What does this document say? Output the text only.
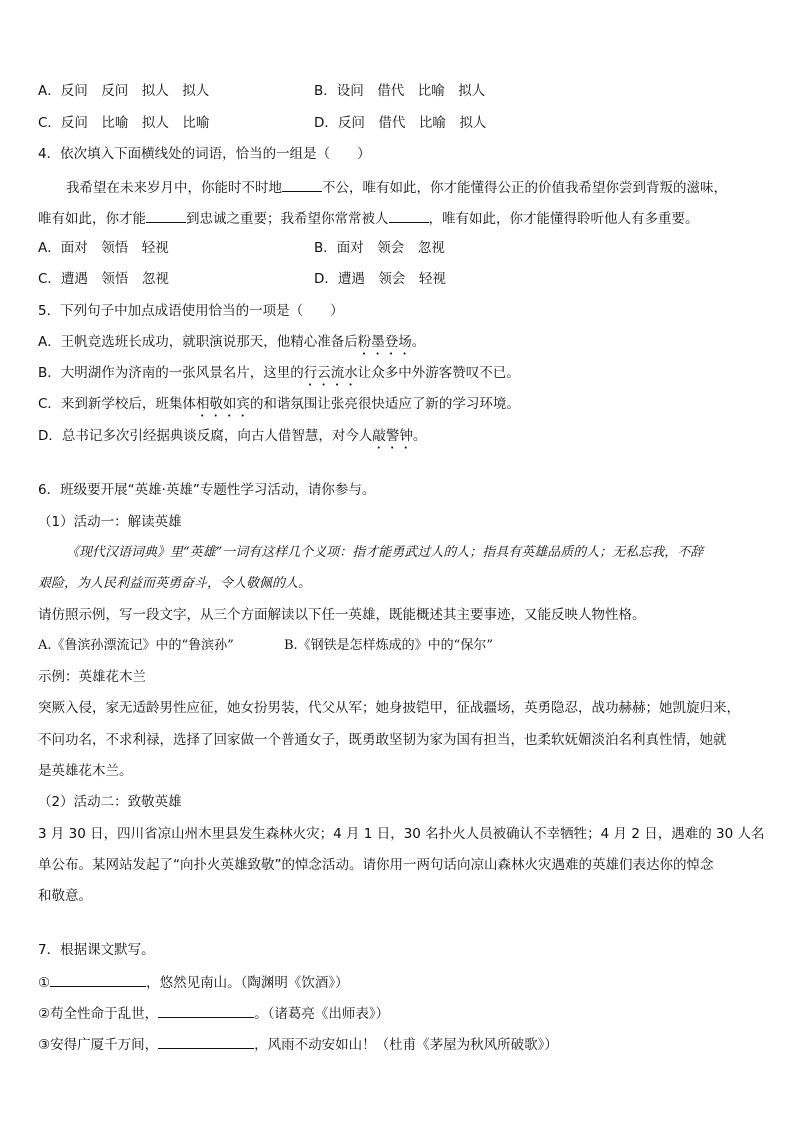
A．反问　反问　拟人　拟人	B．设问　借代　比喻　拟人
C．反问　比喻　拟人　比喻	D．反问　借代　比喻　拟人
4．依次填入下面横线处的词语，恰当的一组是（　　）
我希望在未来岁月中，你能时不时地	不公，唯有如此，你才能懂得公正的价值我希望你尝到背叛的滋味，
唯有如此，你才能	到忠诚之重要；我希望你常常被人	，唯有如此，你才能懂得聆听他人有多重要。
A．面对　领悟　轻视	B．面对　领会　忽视
C．遭遇　领悟　忽视	D．遭遇　领会　轻视
5．下列句子中加点成语使用恰当的一项是（　　）
A．王帆竞选班长成功，就职演说那天，他精心准备后粉墨登场。
B．大明湖作为济南的一张风景名片，这里的行云流水让众多中外游客赞叹不已。
C．来到新学校后，班集体相敬如宾的和谐氛围让张亮很快适应了新的学习环境。
D．总书记多次引经据典谈反腐，向古人借智慧，对今人敲警钟。
6．班级要开展“英雄·英雄”专题性学习活动，请你参与。
（1）活动一：解读英雄
《现代汉语词典》里“英雄”一词有这样几个义项：指才能勇武过人的人；指具有英雄品质的人；无私忘我，不辞
艰险，为人民利益而英勇奋斗，令人敬佩的人。
请仿照示例，写一段文字，从三个方面解读以下任一英雄，既能概述其主要事迹，又能反映人物性格。
A.《鲁滨孙漂流记》中的“鲁滨孙”	B.《钢铁是怎样炼成的》中的“保尔”
示例：英雄花木兰
突厥入侵，家无适龄男性应征，她女扮男装，代父从军；她身披铠甲，征战疆场，英勇隐忍，战功赫赫；她凯旋归来，
不问功名，不求利禄，选择了回家做一个普通女子，既勇敢坚韧为家为国有担当，也柔软妩媚淡泊名利真性情，她就
是英雄花木兰。
（2）活动二：致敬英雄
3 月 30 日，四川省凉山州木里县发生森林火灾；4 月 1 日，30 名扑火人员被确认不幸牺牲；4 月 2 日，遇难的 30 人名
单公布。某网站发起了“向扑火英雄致敬”的悼念活动。请你用一两句话向凉山森林火灾遇难的英雄们表达你的悼念
和敬意。
7．根据课文默写。
①	，悠然见南山。（陶渊明《饮酒》）
②苟全性命于乱世，	。（诸葛亮《出师表》）
③安得广厦千万间，	，风雨不动安如山！（杜甫《茅屋为秋风所破歌》）
